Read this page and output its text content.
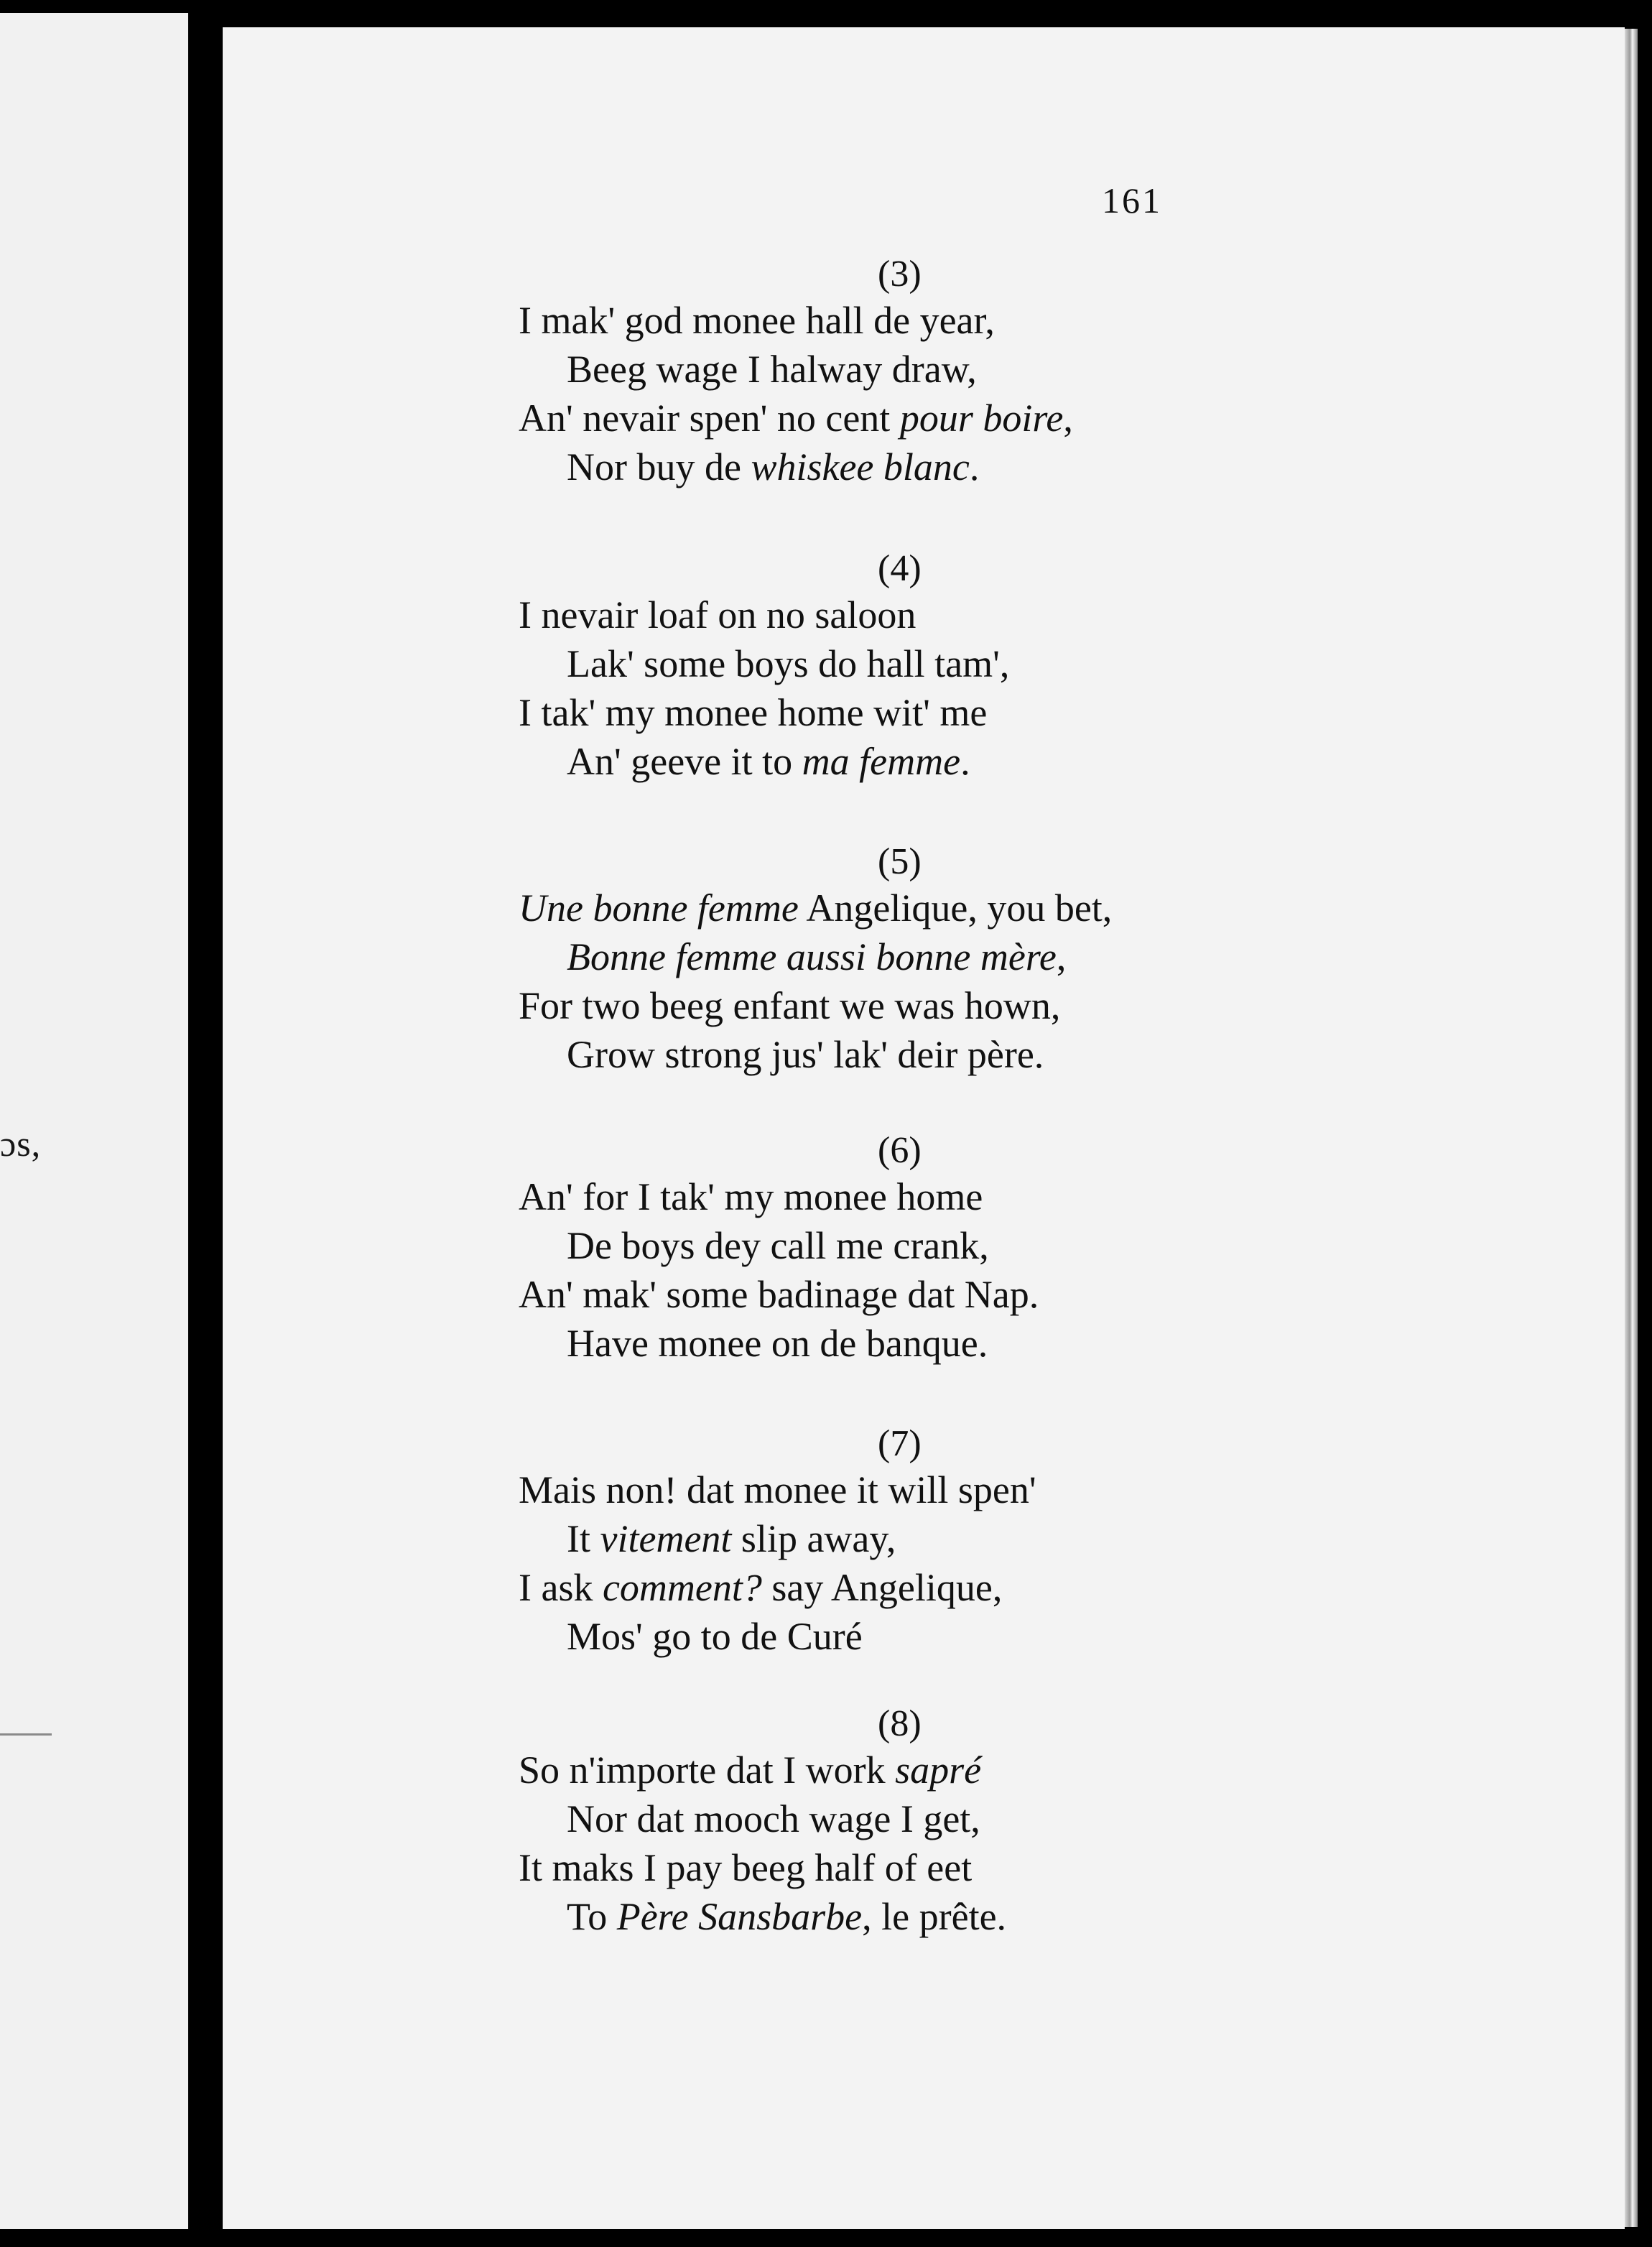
ɔs,
161
(3)
I mak' god monee hall de year,
Beeg wage I halway draw,
An' nevair spen' no cent pour boire,
Nor buy de whiskee blanc.
(4)
I nevair loaf on no saloon
Lak' some boys do hall tam',
I tak' my monee home wit' me
An' geeve it to ma femme.
(5)
Une bonne femme Angelique, you bet,
Bonne femme aussi bonne mère,
For two beeg enfant we was hown,
Grow strong jus' lak' deir père.
(6)
An' for I tak' my monee home
De boys dey call me crank,
An' mak' some badinage dat Nap.
Have monee on de banque.
(7)
Mais non! dat monee it will spen'
It vitement slip away,
I ask comment? say Angelique,
Mos' go to de Curé
(8)
So n'importe dat I work sapré
Nor dat mooch wage I get,
It maks I pay beeg half of eet
To Père Sansbarbe, le prête.
